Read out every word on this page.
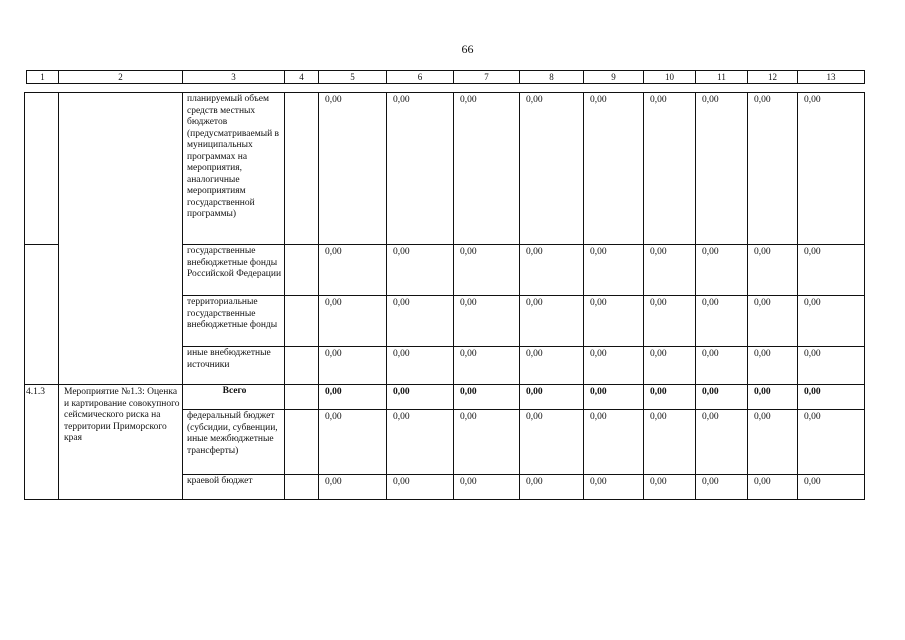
66
1	2	3	4	5	6	7	8	9	10	11	12	13
		планируемый объем средств местных бюджетов (предусматриваемый в муниципальных программах на мероприятия, аналогичные мероприятиям государственной программы)		0,00	0,00	0,00	0,00	0,00	0,00	0,00	0,00	0,00
		государственные внебюджетные фонды Российской Федерации		0,00	0,00	0,00	0,00	0,00	0,00	0,00	0,00	0,00
		территориальные государственные внебюджетные фонды		0,00	0,00	0,00	0,00	0,00	0,00	0,00	0,00	0,00
		иные внебюджетные источники		0,00	0,00	0,00	0,00	0,00	0,00	0,00	0,00	0,00
4.1.3	Мероприятие №1.3: Оценка и картирование совокупного сейсмического риска на территории Приморского края	Всего		0,00	0,00	0,00	0,00	0,00	0,00	0,00	0,00	0,00
		федеральный бюджет (субсидии, субвенции, иные межбюджетные трансферты)		0,00	0,00	0,00	0,00	0,00	0,00	0,00	0,00	0,00
		краевой бюджет		0,00	0,00	0,00	0,00	0,00	0,00	0,00	0,00	0,00
